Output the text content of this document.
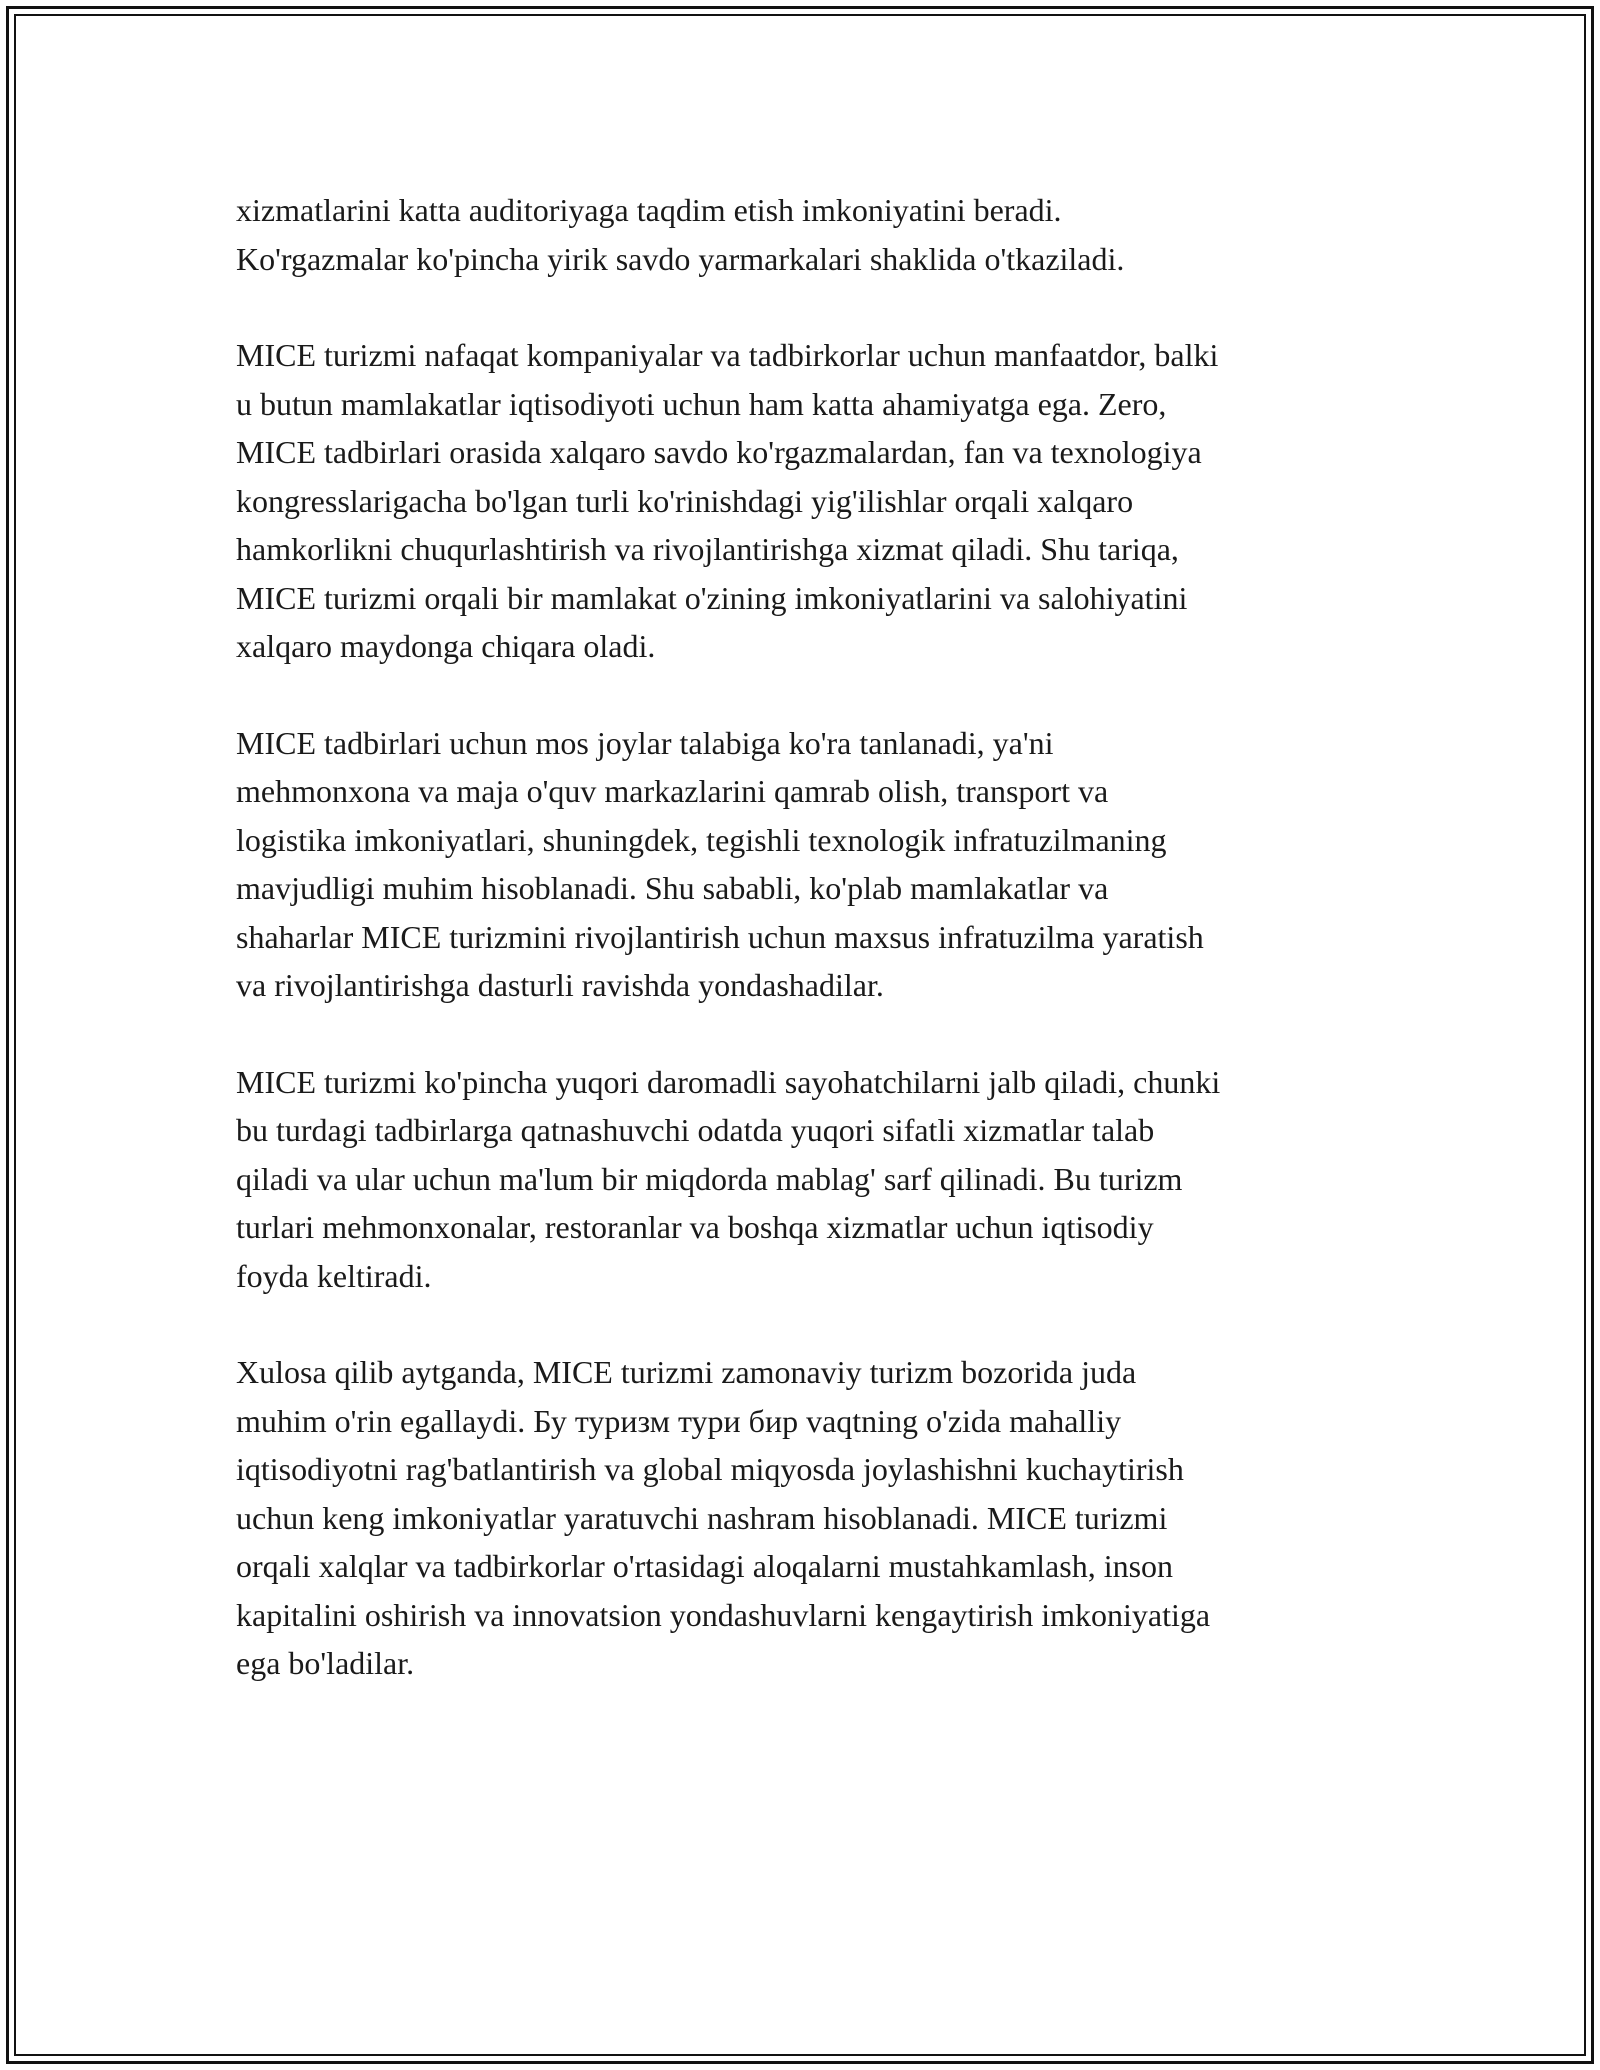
xizmatlarini katta auditoriyaga taqdim etish imkoniyatini beradi.
Ko'rgazmalar ko'pincha yirik savdo yarmarkalari shaklida o'tkaziladi.

MICE turizmi nafaqat kompaniyalar va tadbirkorlar uchun manfaatdor, balki
u butun mamlakatlar iqtisodiyoti uchun ham katta ahamiyatga ega. Zero,
MICE tadbirlari orasida xalqaro savdo ko'rgazmalardan, fan va texnologiya
kongresslarigacha bo'lgan turli ko'rinishdagi yig'ilishlar orqali xalqaro
hamkorlikni chuqurlashtirish va rivojlantirishga xizmat qiladi. Shu tariqa,
MICE turizmi orqali bir mamlakat o'zining imkoniyatlarini va salohiyatini
xalqaro maydonga chiqara oladi.

MICE tadbirlari uchun mos joylar talabiga ko'ra tanlanadi, ya'ni
mehmonxona va maja o'quv markazlarini qamrab olish, transport va
logistika imkoniyatlari, shuningdek, tegishli texnologik infratuzilmaning
mavjudligi muhim hisoblanadi. Shu sababli, ko'plab mamlakatlar va
shaharlar MICE turizmini rivojlantirish uchun maxsus infratuzilma yaratish
va rivojlantirishga dasturli ravishda yondashadilar.

MICE turizmi ko'pincha yuqori daromadli sayohatchilarni jalb qiladi, chunki
bu turdagi tadbirlarga qatnashuvchi odatda yuqori sifatli xizmatlar talab
qiladi va ular uchun ma'lum bir miqdorda mablag' sarf qilinadi. Bu turizm
turlari mehmonxonalar, restoranlar va boshqa xizmatlar uchun iqtisodiy
foyda keltiradi.

Xulosa qilib aytganda, MICE turizmi zamonaviy turizm bozorida juda
muhim o'rin egallaydi. Бу туризм тури бир vaqtning o'zida mahalliy
iqtisodiyotni rag'batlantirish va global miqyosda joylashishni kuchaytirish
uchun keng imkoniyatlar yaratuvchi nashram hisoblanadi. MICE turizmi
orqali xalqlar va tadbirkorlar o'rtasidagi aloqalarni mustahkamlash, inson
kapitalini oshirish va innovatsion yondashuvlarni kengaytirish imkoniyatiga
ega bo'ladilar.
